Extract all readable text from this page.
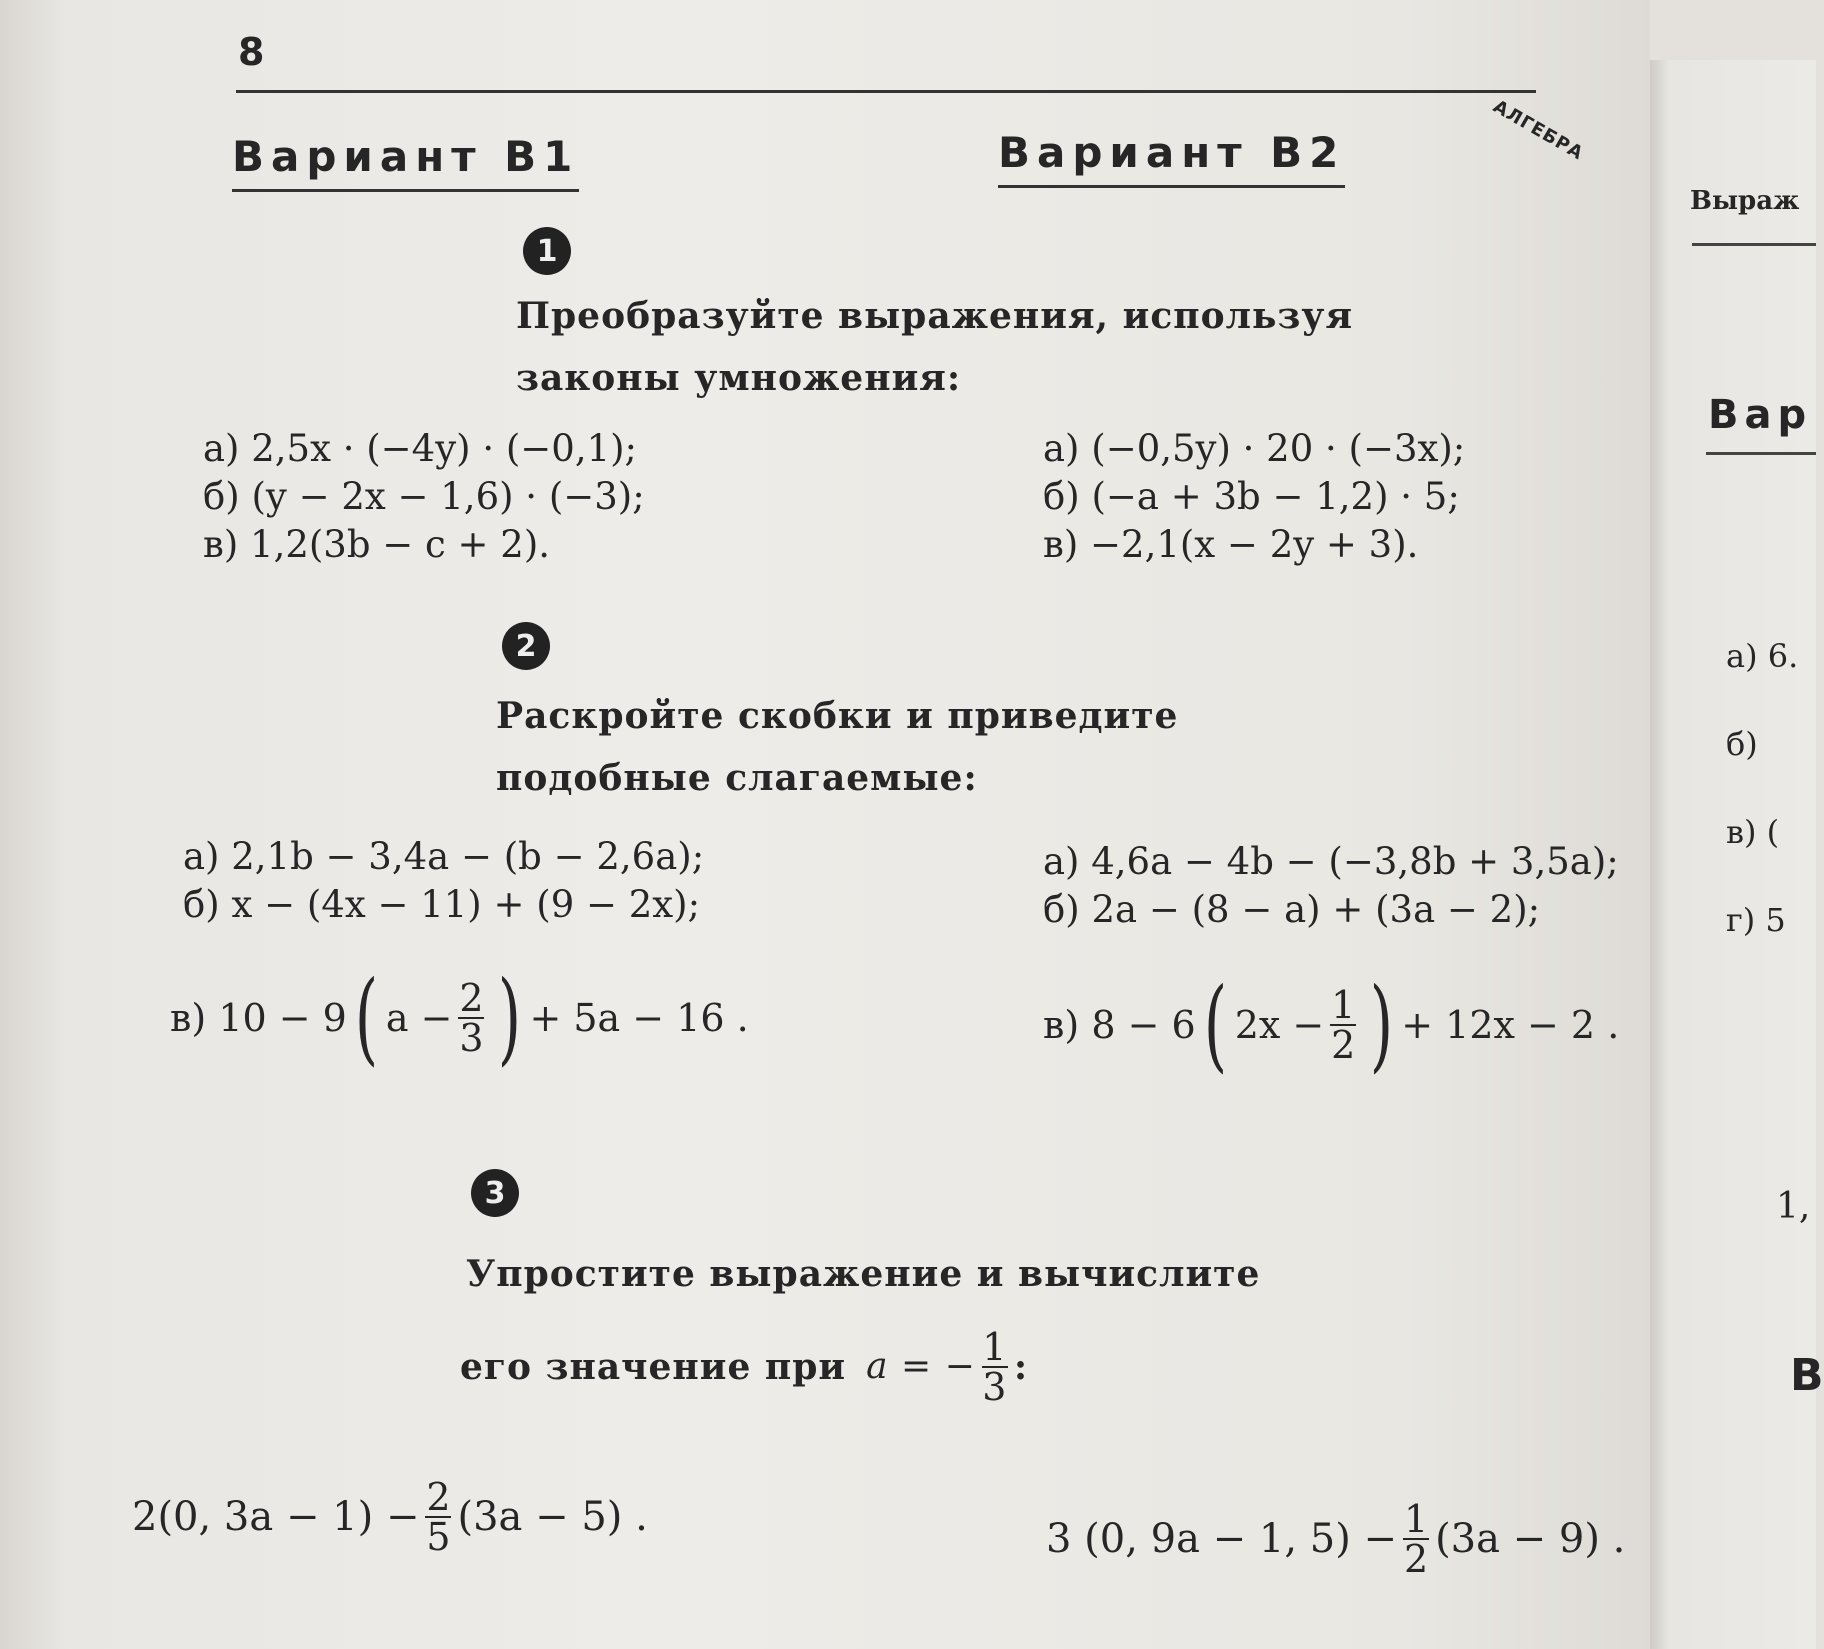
8
АЛГЕБРА
Вариант В1	Вариант В2
1
Преобразуйте выражения, используя
законы умножения:
а) 2,5x · (−4y) · (−0,1);
б) (y − 2x − 1,6) · (−3);
в) 1,2(3b − c + 2).
а) (−0,5y) · 20 · (−3x);
б) (−a + 3b − 1,2) · 5;
в) −2,1(x − 2y + 3).
2
Раскройте скобки и приведите
подобные слагаемые:
а) 2,1b − 3,4a − (b − 2,6a);
б) x − (4x − 11) + (9 − 2x);
а) 4,6a − 4b − (−3,8b + 3,5a);
б) 2a − (8 − a) + (3a − 2);
в)
10 − 9 ( $a - \frac{2}{3}$ ) + 5a − 16 .	в)
8 − 6 ( $2x - \frac{1}{2}$ ) + 12x − 2 .
3
Упростите выражение и вычислите
его значение при a = − $\frac{1}{3}$ :
2(0, $3a - 1) - \frac{2}{5} (3a - 5)$ .	3 (0, 9a − 1, $5) - \frac{1}{2} (3a - 9)$ .
Выраж
Вар
а) 6.
б)
в) (
г) 5
1,
В
